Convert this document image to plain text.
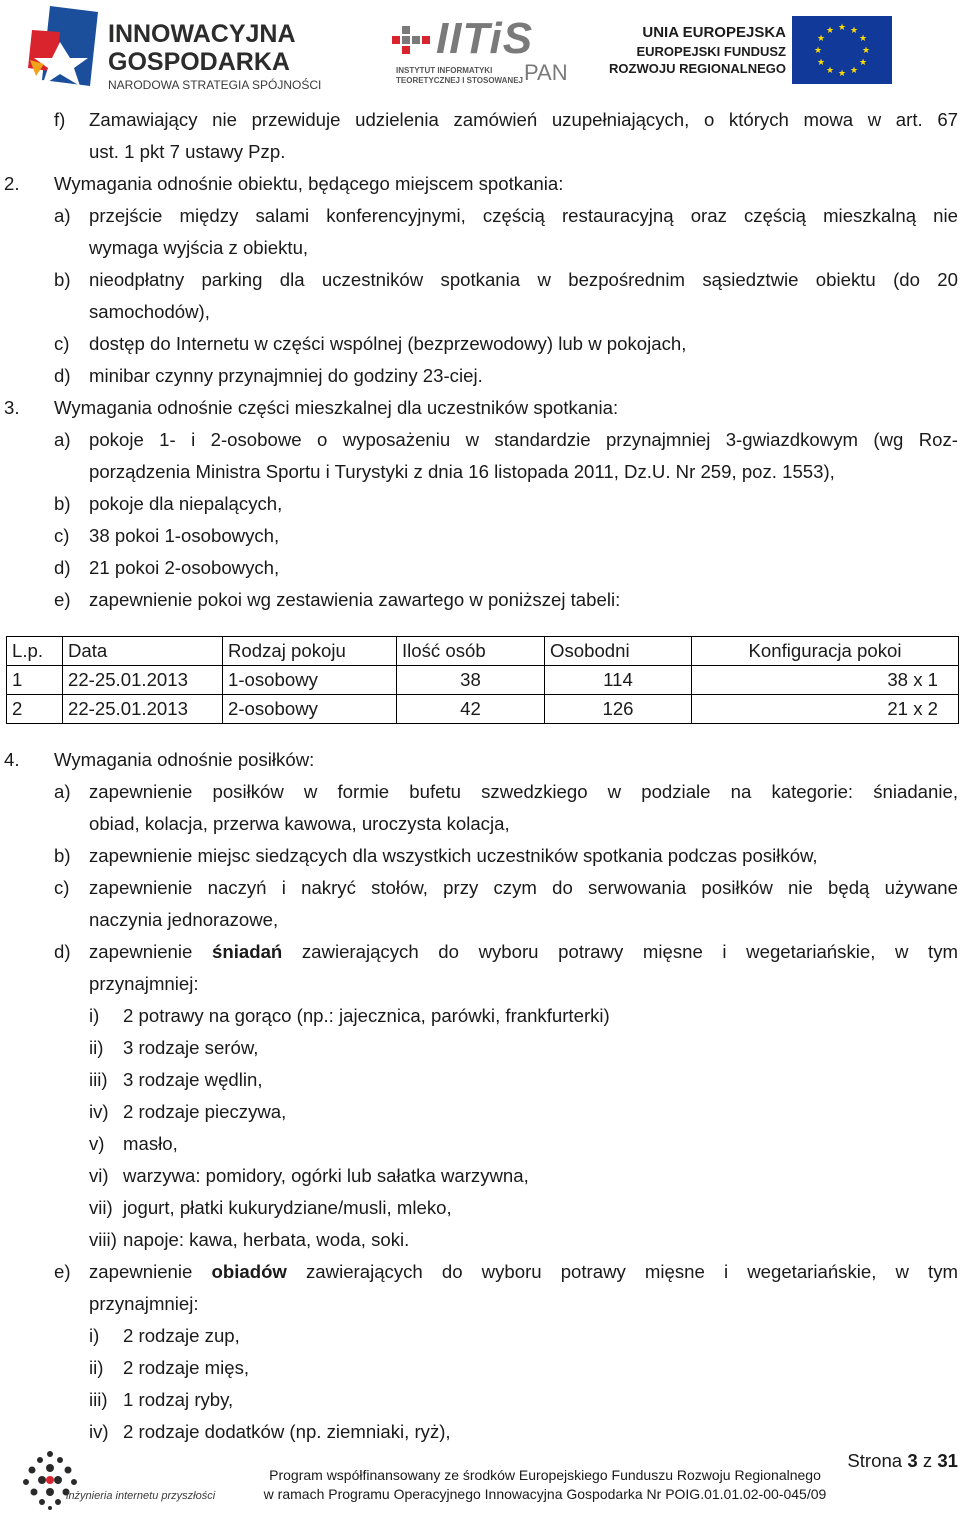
INNOWACYJNA
GOSPODARKA
NARODOWA STRATEGIA SPÓJNOŚCI
IITiS
INSTYTUT INFORMATYKI
TEORETYCZNEJ I STOSOWANEJ PAN
UNIA EUROPEJSKA
EUROPEJSKI FUNDUSZ
ROZWOJU REGIONALNEGO
★ ★
★
★
★
★
★
★
★
★
★
★
f) Zamawiający nie przewiduje udzielenia zamówień uzupełniających, o których mowa w art. 67
ust. 1 pkt 7 ustawy Pzp.
2. Wymagania odnośnie obiektu, będącego miejscem spotkania:
a) przejście między salami konferencyjnymi, częścią restauracyjną oraz częścią mieszkalną nie
wymaga wyjścia z obiektu,
b) nieodpłatny parking dla uczestników spotkania w bezpośrednim sąsiedztwie obiektu (do 20
samochodów),
c) dostęp do Internetu w części wspólnej (bezprzewodowy) lub w pokojach,
d) minibar czynny przynajmniej do godziny 23-ciej.
3. Wymagania odnośnie części mieszkalnej dla uczestników spotkania:
a) pokoje 1- i 2-osobowe o wyposażeniu w standardzie przynajmniej 3-gwiazdkowym (wg Roz-
porządzenia Ministra Sportu i Turystyki z dnia 16 listopada 2011, Dz.U. Nr 259, poz. 1553),
b) pokoje dla niepalących,
c) 38 pokoi 1-osobowych,
d) 21 pokoi 2-osobowych,
e) zapewnienie pokoi wg zestawienia zawartego w poniższej tabeli:
L.p.	Data	Rodzaj pokoju	Ilość osób	Osobodni	Konfiguracja pokoi
1	22-25.01.2013	1-osobowy	38	114	38 x 1
2	22-25.01.2013	2-osobowy	42	126	21 x 2
4. Wymagania odnośnie posiłków:
a) zapewnienie posiłków w formie bufetu szwedzkiego w podziale na kategorie: śniadanie,
obiad, kolacja, przerwa kawowa, uroczysta kolacja,
b) zapewnienie miejsc siedzących dla wszystkich uczestników spotkania podczas posiłków,
c) zapewnienie naczyń i nakryć stołów, przy czym do serwowania posiłków nie będą używane
naczynia jednorazowe,
d) zapewnienie śniadań zawierających do wyboru potrawy mięsne i wegetariańskie, w tym
przynajmniej:
i) 2 potrawy na gorąco (np.: jajecznica, parówki, frankfurterki)
ii) 3 rodzaje serów,
iii) 3 rodzaje wędlin,
iv) 2 rodzaje pieczywa,
v) masło,
vi) warzywa: pomidory, ogórki lub sałatka warzywna,
vii) jogurt, płatki kukurydziane/musli, mleko,
viii) napoje: kawa, herbata, woda, soki.
e) zapewnienie obiadów zawierających do wyboru potrawy mięsne i wegetariańskie, w tym
przynajmniej:
i) 2 rodzaje zup,
ii) 2 rodzaje mięs,
iii) 1 rodzaj ryby,
iv) 2 rodzaje dodatków (np. ziemniaki, ryż),
inżynieria internetu przyszłości
Strona 3 z 31
Program współfinansowany ze środków Europejskiego Funduszu Rozwoju Regionalnego
w ramach Programu Operacyjnego Innowacyjna Gospodarka Nr POIG.01.01.02-00-045/09
